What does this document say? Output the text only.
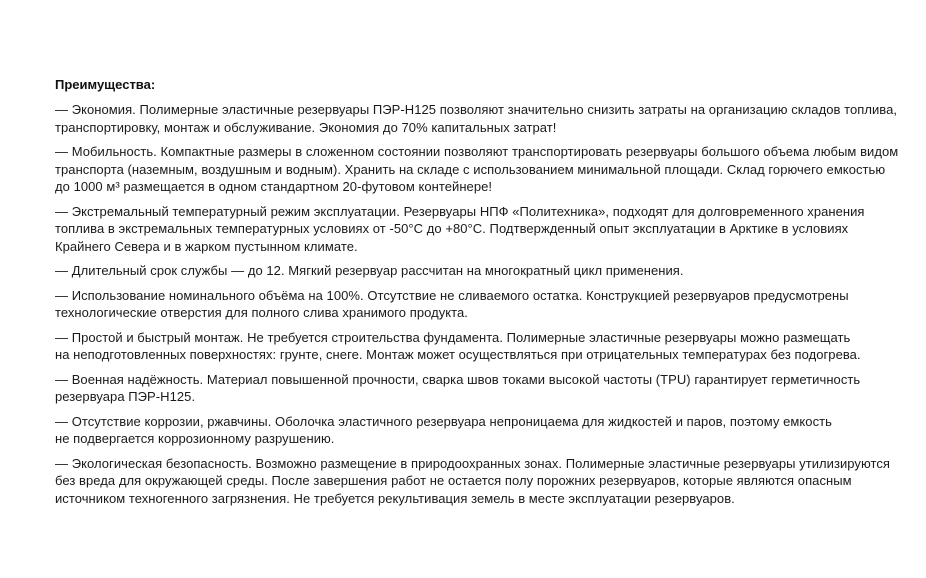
Преимущества:

— Экономия. Полимерные эластичные резервуары ПЭР-Н125 позволяют значительно снизить затраты на организацию складов топлива,
транспортировку, монтаж и обслуживание. Экономия до 70% капитальных затрат!

— Мобильность. Компактные размеры в сложенном состоянии позволяют транспортировать резервуары большого объема любым видом
транспорта (наземным, воздушным и водным). Хранить на складе с использованием минимальной площади. Склад горючего емкостью
до 1000 м³ размещается в одном стандартном 20-футовом контейнере!

— Экстремальный температурный режим эксплуатации. Резервуары НПФ «Политехника», подходят для долговременного хранения
топлива в экстремальных температурных условиях от -50°C до +80°C. Подтвержденный опыт эксплуатации в Арктике в условиях
Крайнего Севера и в жарком пустынном климате.

— Длительный срок службы — до 12. Мягкий резервуар рассчитан на многократный цикл применения.

— Использование номинального объёма на 100%. Отсутствие не сливаемого остатка. Конструкцией резервуаров предусмотрены
технологические отверстия для полного слива хранимого продукта.

— Простой и быстрый монтаж. Не требуется строительства фундамента. Полимерные эластичные резервуары можно размещать
на неподготовленных поверхностях: грунте, снеге. Монтаж может осуществляться при отрицательных температурах без подогрева.

— Военная надёжность. Материал повышенной прочности, сварка швов токами высокой частоты (TPU) гарантирует герметичность
резервуара ПЭР-Н125.

— Отсутствие коррозии, ржавчины. Оболочка эластичного резервуара непроницаема для жидкостей и паров, поэтому емкость
не подвергается коррозионному разрушению.

— Экологическая безопасность. Возможно размещение в природоохранных зонах. Полимерные эластичные резервуары утилизируются
без вреда для окружающей среды. После завершения работ не остается полу порожних резервуаров, которые являются опасным
источником техногенного загрязнения. Не требуется рекультивация земель в месте эксплуатации резервуаров.
